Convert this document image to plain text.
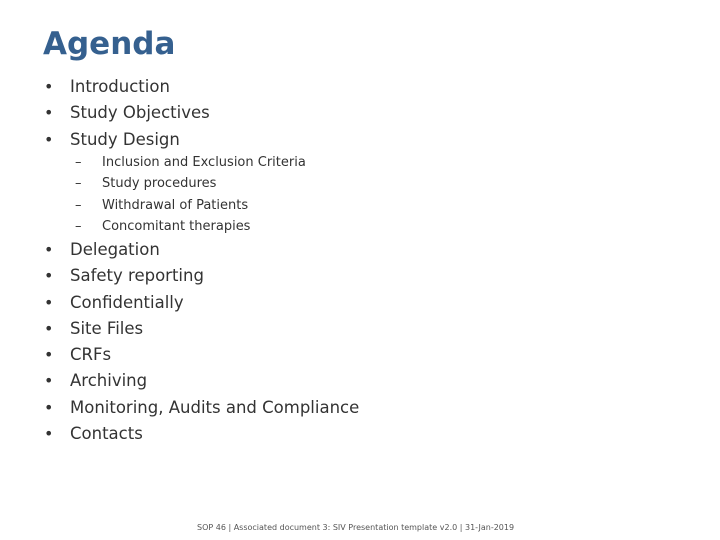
Agenda
•	Introduction
•	Study Objectives
•	Study Design
– Inclusion and Exclusion Criteria
– Study procedures
– Withdrawal of Patients
– Concomitant therapies
•	Delegation
•	Safety reporting
•	Confidentially
•	Site Files
•	CRFs
•	Archiving
•	Monitoring, Audits and Compliance
•	Contacts
SOP 46 | Associated document 3: SIV Presentation template v2.0 | 31-Jan-2019
